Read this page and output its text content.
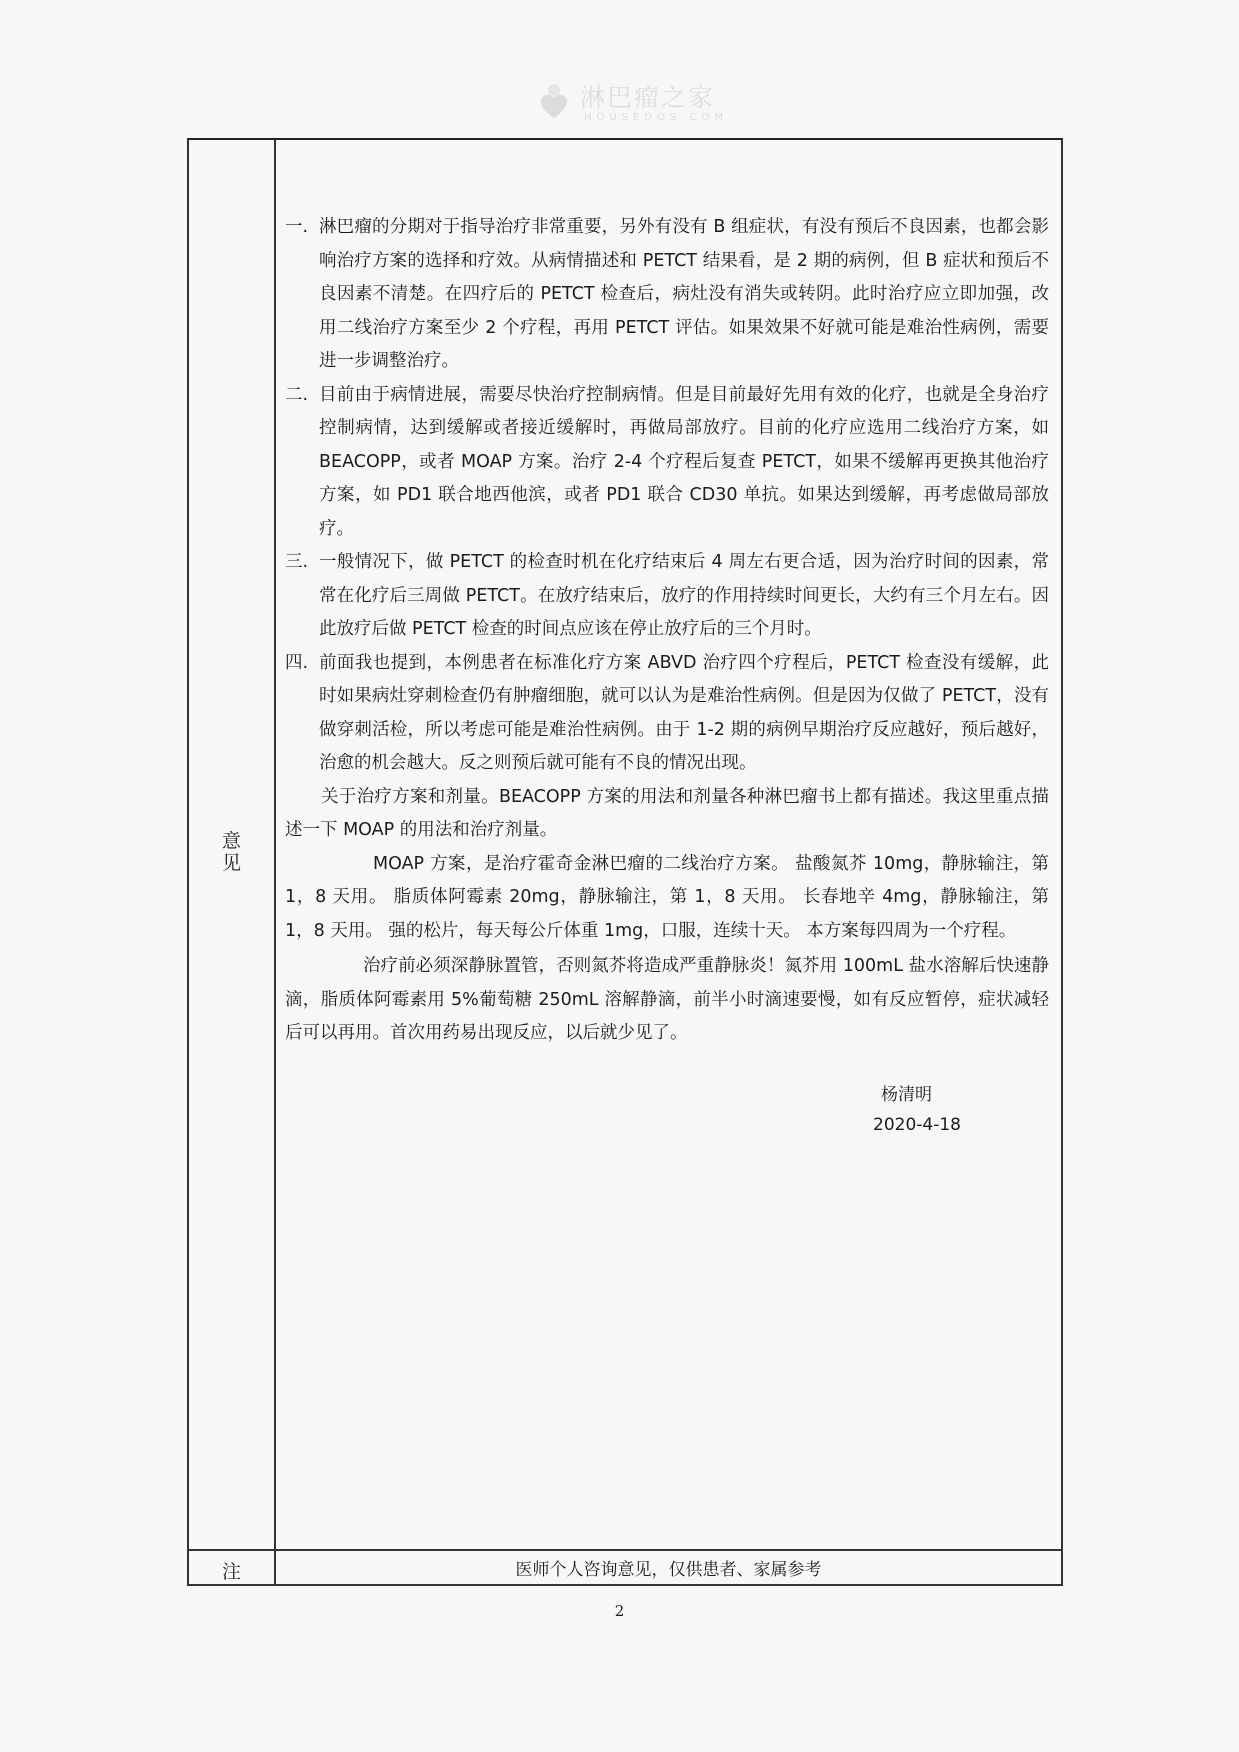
淋巴瘤之家
HOUSEDOS.COM
意见
一. 淋巴瘤的分期对于指导治疗非常重要，另外有没有 B 组症状，有没有预后不良因素，也都会影响治疗方案的选择和疗效。从病情描述和 PETCT 结果看，是 2 期的病例，但 B 症状和预后不良因素不清楚。在四疗后的 PETCT 检查后，病灶没有消失或转阴。此时治疗应立即加强，改用二线治疗方案至少 2 个疗程，再用 PETCT 评估。如果效果不好就可能是难治性病例，需要进一步调整治疗。
二. 目前由于病情进展，需要尽快治疗控制病情。但是目前最好先用有效的化疗，也就是全身治疗控制病情，达到缓解或者接近缓解时，再做局部放疗。目前的化疗应选用二线治疗方案，如 BEACOPP，或者 MOAP 方案。治疗 2-4 个疗程后复查 PETCT，如果不缓解再更换其他治疗方案，如 PD1 联合地西他滨，或者 PD1 联合 CD30 单抗。如果达到缓解，再考虑做局部放疗。
三. 一般情况下，做 PETCT 的检查时机在化疗结束后 4 周左右更合适，因为治疗时间的因素，常常在化疗后三周做 PETCT。在放疗结束后，放疗的作用持续时间更长，大约有三个月左右。因此放疗后做 PETCT 检查的时间点应该在停止放疗后的三个月时。
四. 前面我也提到，本例患者在标准化疗方案 ABVD 治疗四个疗程后，PETCT 检查没有缓解，此时如果病灶穿刺检查仍有肿瘤细胞，就可以认为是难治性病例。但是因为仅做了 PETCT，没有做穿刺活检，所以考虑可能是难治性病例。由于 1-2 期的病例早期治疗反应越好，预后越好，治愈的机会越大。反之则预后就可能有不良的情况出现。
关于治疗方案和剂量。BEACOPP 方案的用法和剂量各种淋巴瘤书上都有描述。我这里重点描述一下 MOAP 的用法和治疗剂量。
MOAP 方案，是治疗霍奇金淋巴瘤的二线治疗方案。 盐酸氮芥 10mg，静脉输注，第 1，8 天用。 脂质体阿霉素 20mg，静脉输注，第 1，8 天用。 长春地辛 4mg，静脉输注，第 1，8 天用。 强的松片，每天每公斤体重 1mg，口服，连续十天。 本方案每四周为一个疗程。
治疗前必须深静脉置管，否则氮芥将造成严重静脉炎！氮芥用 100mL 盐水溶解后快速静滴，脂质体阿霉素用 5%葡萄糖 250mL 溶解静滴，前半小时滴速要慢，如有反应暂停，症状减轻后可以再用。首次用药易出现反应，以后就少见了。
杨清明
2020-4-18
注	医师个人咨询意见，仅供患者、家属参考
2
